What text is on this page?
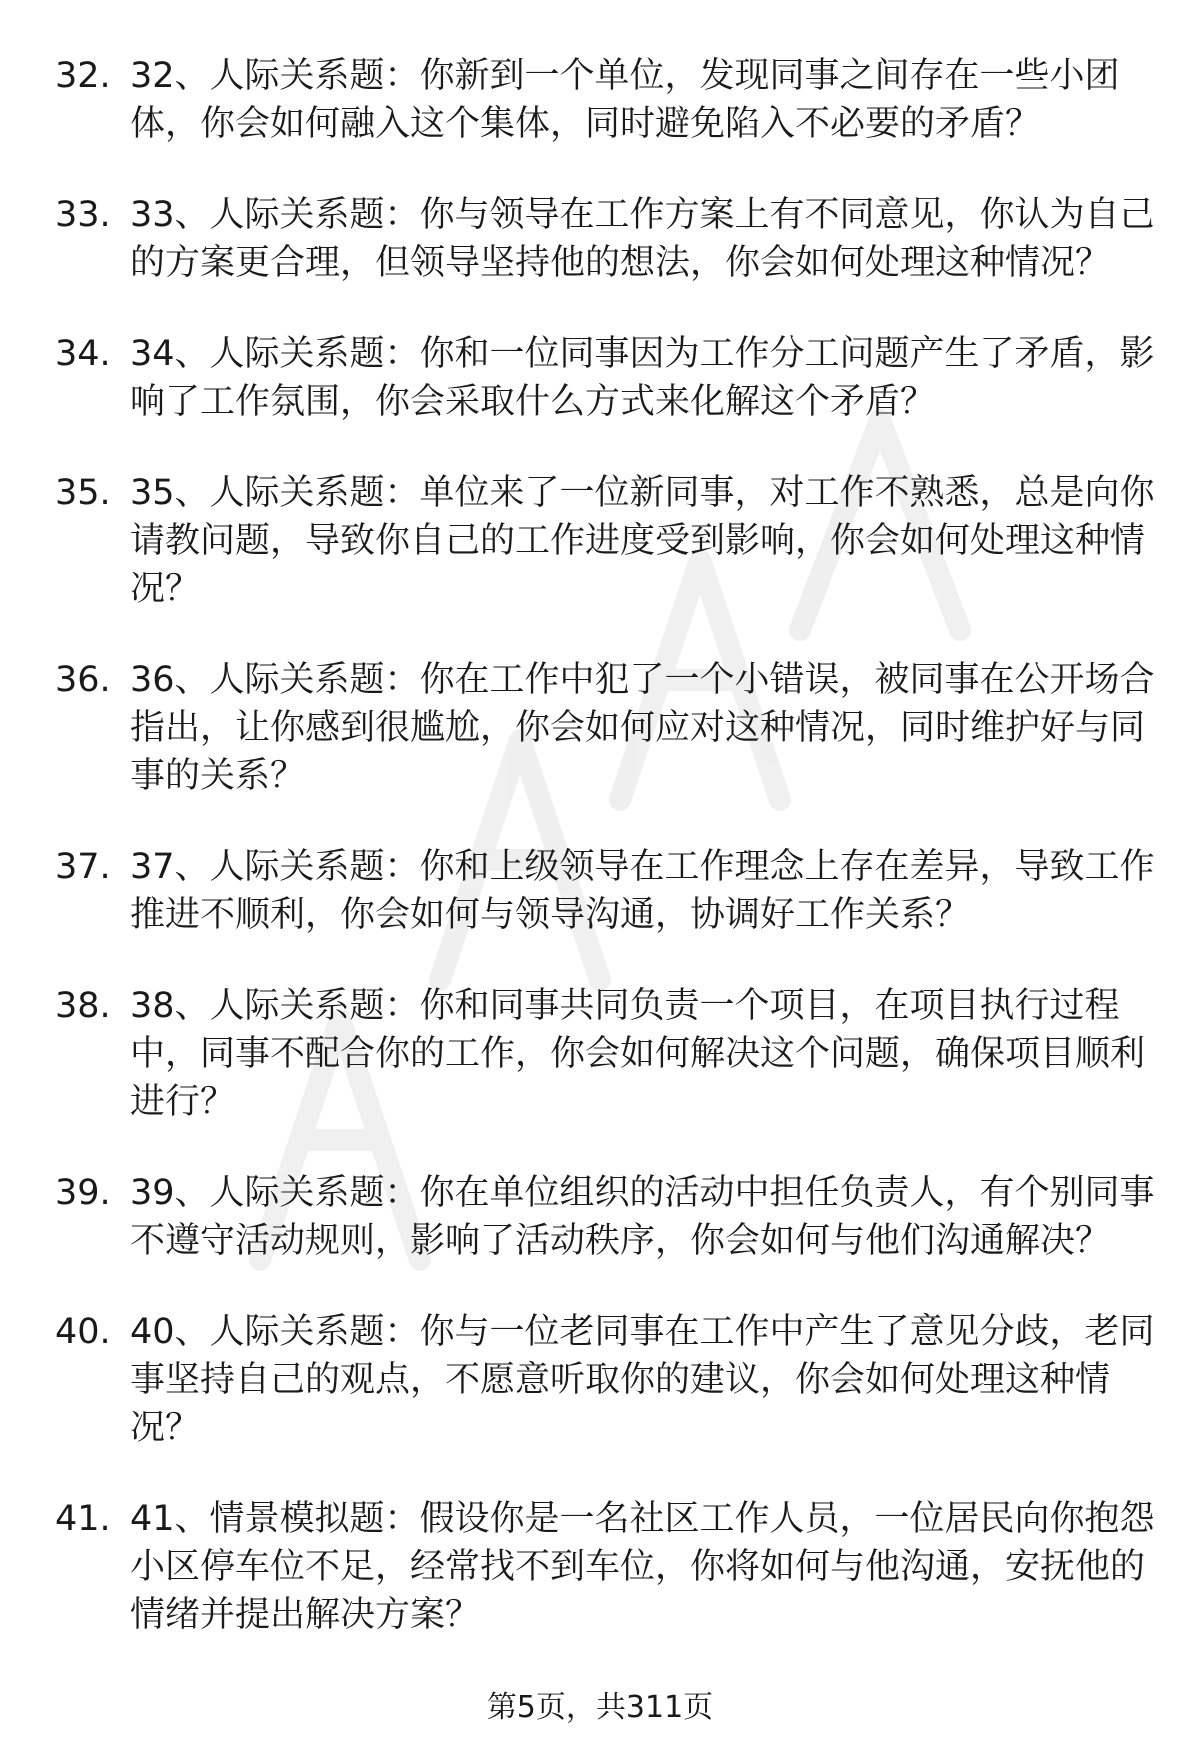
32. 32、人际关系题：你新到一个单位，发现同事之间存在一些小团体，你会如何融入这个集体，同时避免陷入不必要的矛盾？
33. 33、人际关系题：你与领导在工作方案上有不同意见，你认为自己的方案更合理，但领导坚持他的想法，你会如何处理这种情况？
34. 34、人际关系题：你和一位同事因为工作分工问题产生了矛盾，影响了工作氛围，你会采取什么方式来化解这个矛盾？
35. 35、人际关系题：单位来了一位新同事，对工作不熟悉，总是向你请教问题，导致你自己的工作进度受到影响，你会如何处理这种情况？
36. 36、人际关系题：你在工作中犯了一个小错误，被同事在公开场合指出，让你感到很尴尬，你会如何应对这种情况，同时维护好与同事的关系？
37. 37、人际关系题：你和上级领导在工作理念上存在差异，导致工作推进不顺利，你会如何与领导沟通，协调好工作关系？
38. 38、人际关系题：你和同事共同负责一个项目，在项目执行过程中，同事不配合你的工作，你会如何解决这个问题，确保项目顺利进行？
39. 39、人际关系题：你在单位组织的活动中担任负责人，有个别同事不遵守活动规则，影响了活动秩序，你会如何与他们沟通解决？
40. 40、人际关系题：你与一位老同事在工作中产生了意见分歧，老同事坚持自己的观点，不愿意听取你的建议，你会如何处理这种情况？
41. 41、情景模拟题：假设你是一名社区工作人员，一位居民向你抱怨小区停车位不足，经常找不到车位，你将如何与他沟通，安抚他的情绪并提出解决方案？
第5页，共311页
